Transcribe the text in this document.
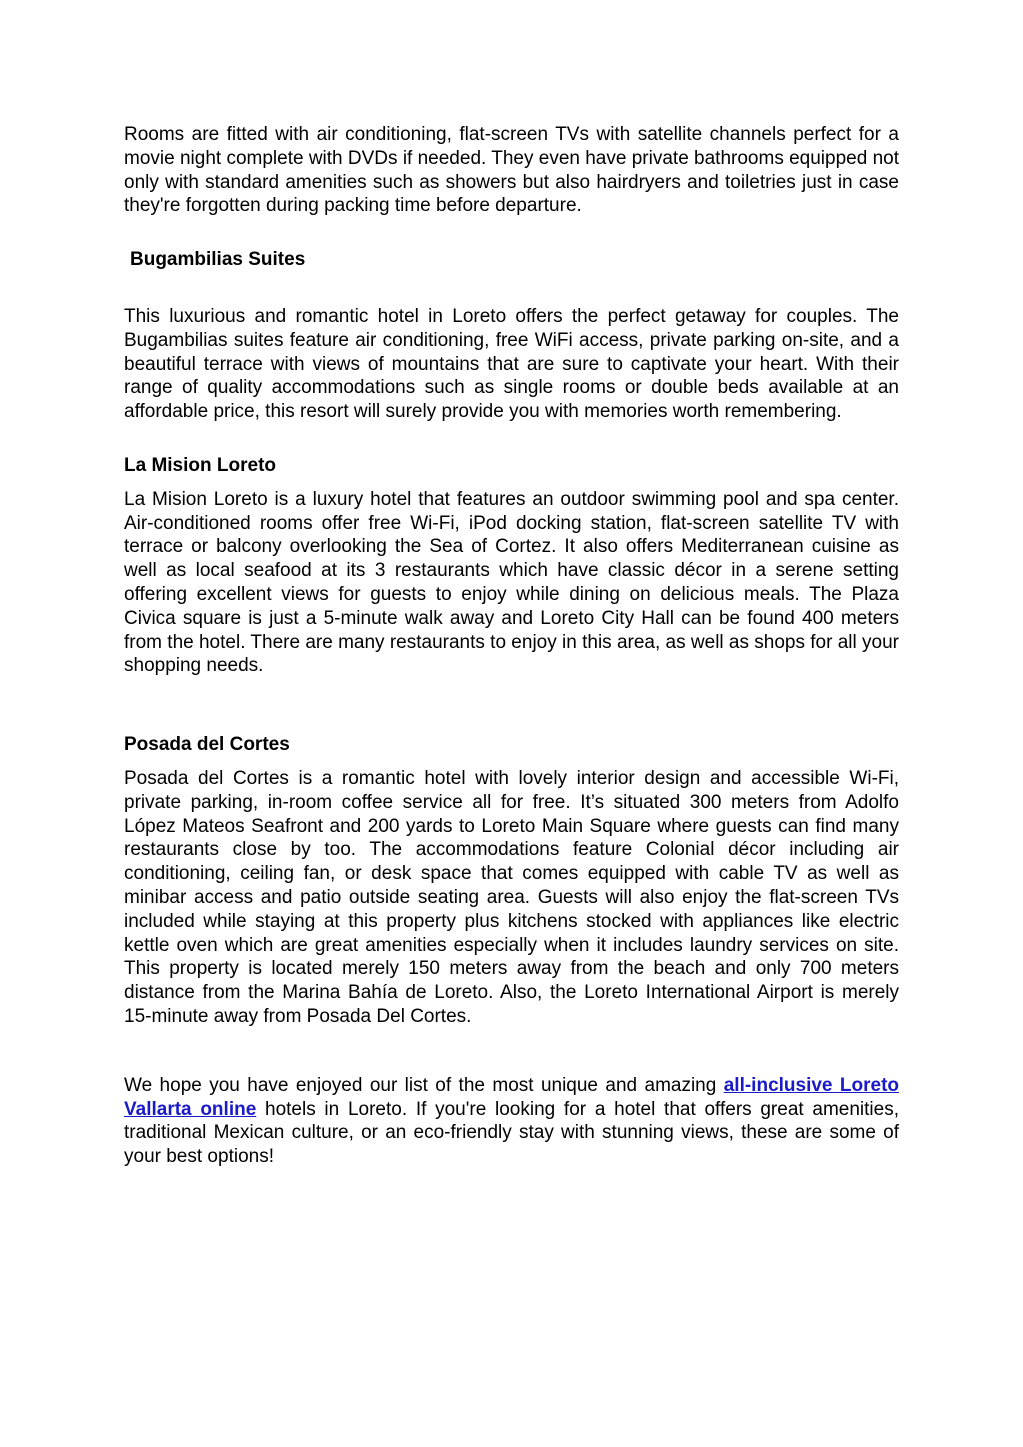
Rooms are fitted with air conditioning, flat-screen TVs with satellite channels perfect for a movie night complete with DVDs if needed. They even have private bathrooms equipped not only with standard amenities such as showers but also hairdryers and toiletries just in case they're forgotten during packing time before departure.

Bugambilias Suites

This luxurious and romantic hotel in Loreto offers the perfect getaway for couples. The Bugambilias suites feature air conditioning, free WiFi access, private parking on-site, and a beautiful terrace with views of mountains that are sure to captivate your heart. With their range of quality accommodations such as single rooms or double beds available at an affordable price, this resort will surely provide you with memories worth remembering.

La Mision Loreto

La Mision Loreto is a luxury hotel that features an outdoor swimming pool and spa center. Air-conditioned rooms offer free Wi-Fi, iPod docking station, flat-screen satellite TV with terrace or balcony overlooking the Sea of Cortez. It also offers Mediterranean cuisine as well as local seafood at its 3 restaurants which have classic décor in a serene setting offering excellent views for guests to enjoy while dining on delicious meals. The Plaza Civica square is just a 5-minute walk away and Loreto City Hall can be found 400 meters from the hotel. There are many restaurants to enjoy in this area, as well as shops for all your shopping needs.

Posada del Cortes

Posada del Cortes is a romantic hotel with lovely interior design and accessible Wi-Fi, private parking, in-room coffee service all for free. It’s situated 300 meters from Adolfo López Mateos Seafront and 200 yards to Loreto Main Square where guests can find many restaurants close by too. The accommodations feature Colonial décor including air conditioning, ceiling fan, or desk space that comes equipped with cable TV as well as minibar access and patio outside seating area. Guests will also enjoy the flat-screen TVs included while staying at this property plus kitchens stocked with appliances like electric kettle oven which are great amenities especially when it includes laundry services on site. This property is located merely 150 meters away from the beach and only 700 meters distance from the Marina Bahía de Loreto. Also, the Loreto International Airport is merely 15-minute away from Posada Del Cortes.

We hope you have enjoyed our list of the most unique and amazing all-inclusive Loreto Vallarta online hotels in Loreto. If you're looking for a hotel that offers great amenities, traditional Mexican culture, or an eco-friendly stay with stunning views, these are some of your best options!
